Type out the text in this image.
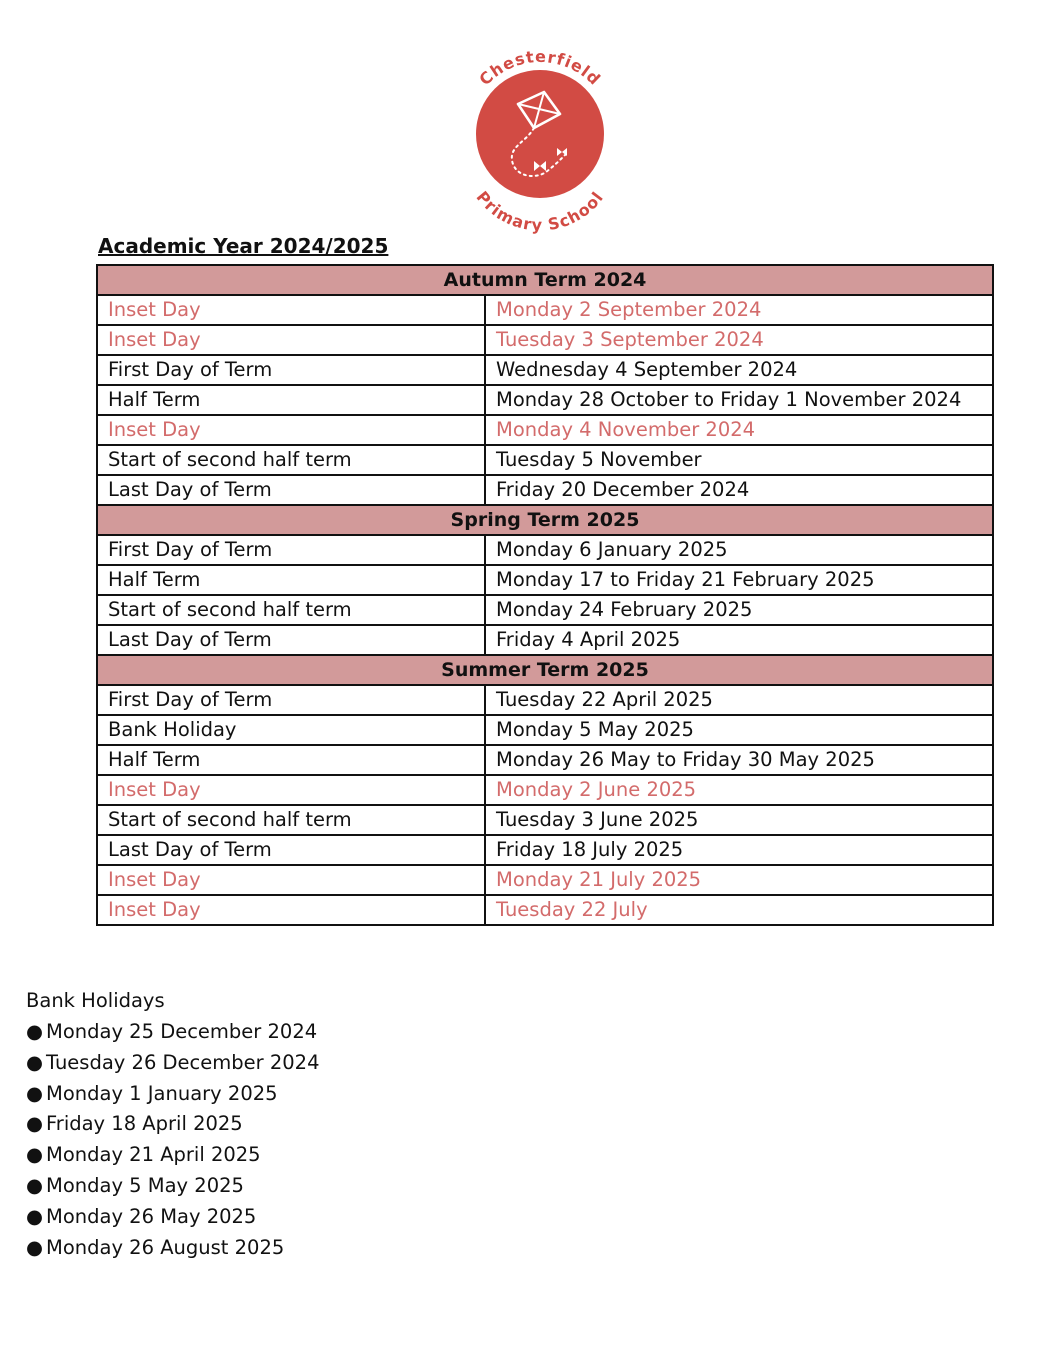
Chesterfield
Primary School
Academic Year 2024/2025
Autumn Term 2024	
Inset Day	Monday 2 September 2024
Inset Day	Tuesday 3 September 2024
First Day of Term	Wednesday 4 September 2024
Half Term	Monday 28 October to Friday 1 November 2024
Inset Day	Monday 4 November 2024
Start of second half term	Tuesday 5 November
Last Day of Term	Friday 20 December 2024
Spring Term 2025	
First Day of Term	Monday 6 January 2025
Half Term	Monday 17 to Friday 21 February 2025
Start of second half term	Monday 24 February 2025
Last Day of Term	Friday 4 April 2025
Summer Term 2025	
First Day of Term	Tuesday 22 April 2025
Bank Holiday	Monday 5 May 2025
Half Term	Monday 26 May to Friday 30 May 2025
Inset Day	Monday 2 June 2025
Start of second half term	Tuesday 3 June 2025
Last Day of Term	Friday 18 July 2025
Inset Day	Monday 21 July 2025
Inset Day	Tuesday 22 July
Bank Holidays
● Monday 25 December 2024
● Tuesday 26 December 2024
● Monday 1 January 2025
● Friday 18 April 2025
● Monday 21 April 2025
● Monday 5 May 2025
● Monday 26 May 2025
● Monday 26 August 2025
